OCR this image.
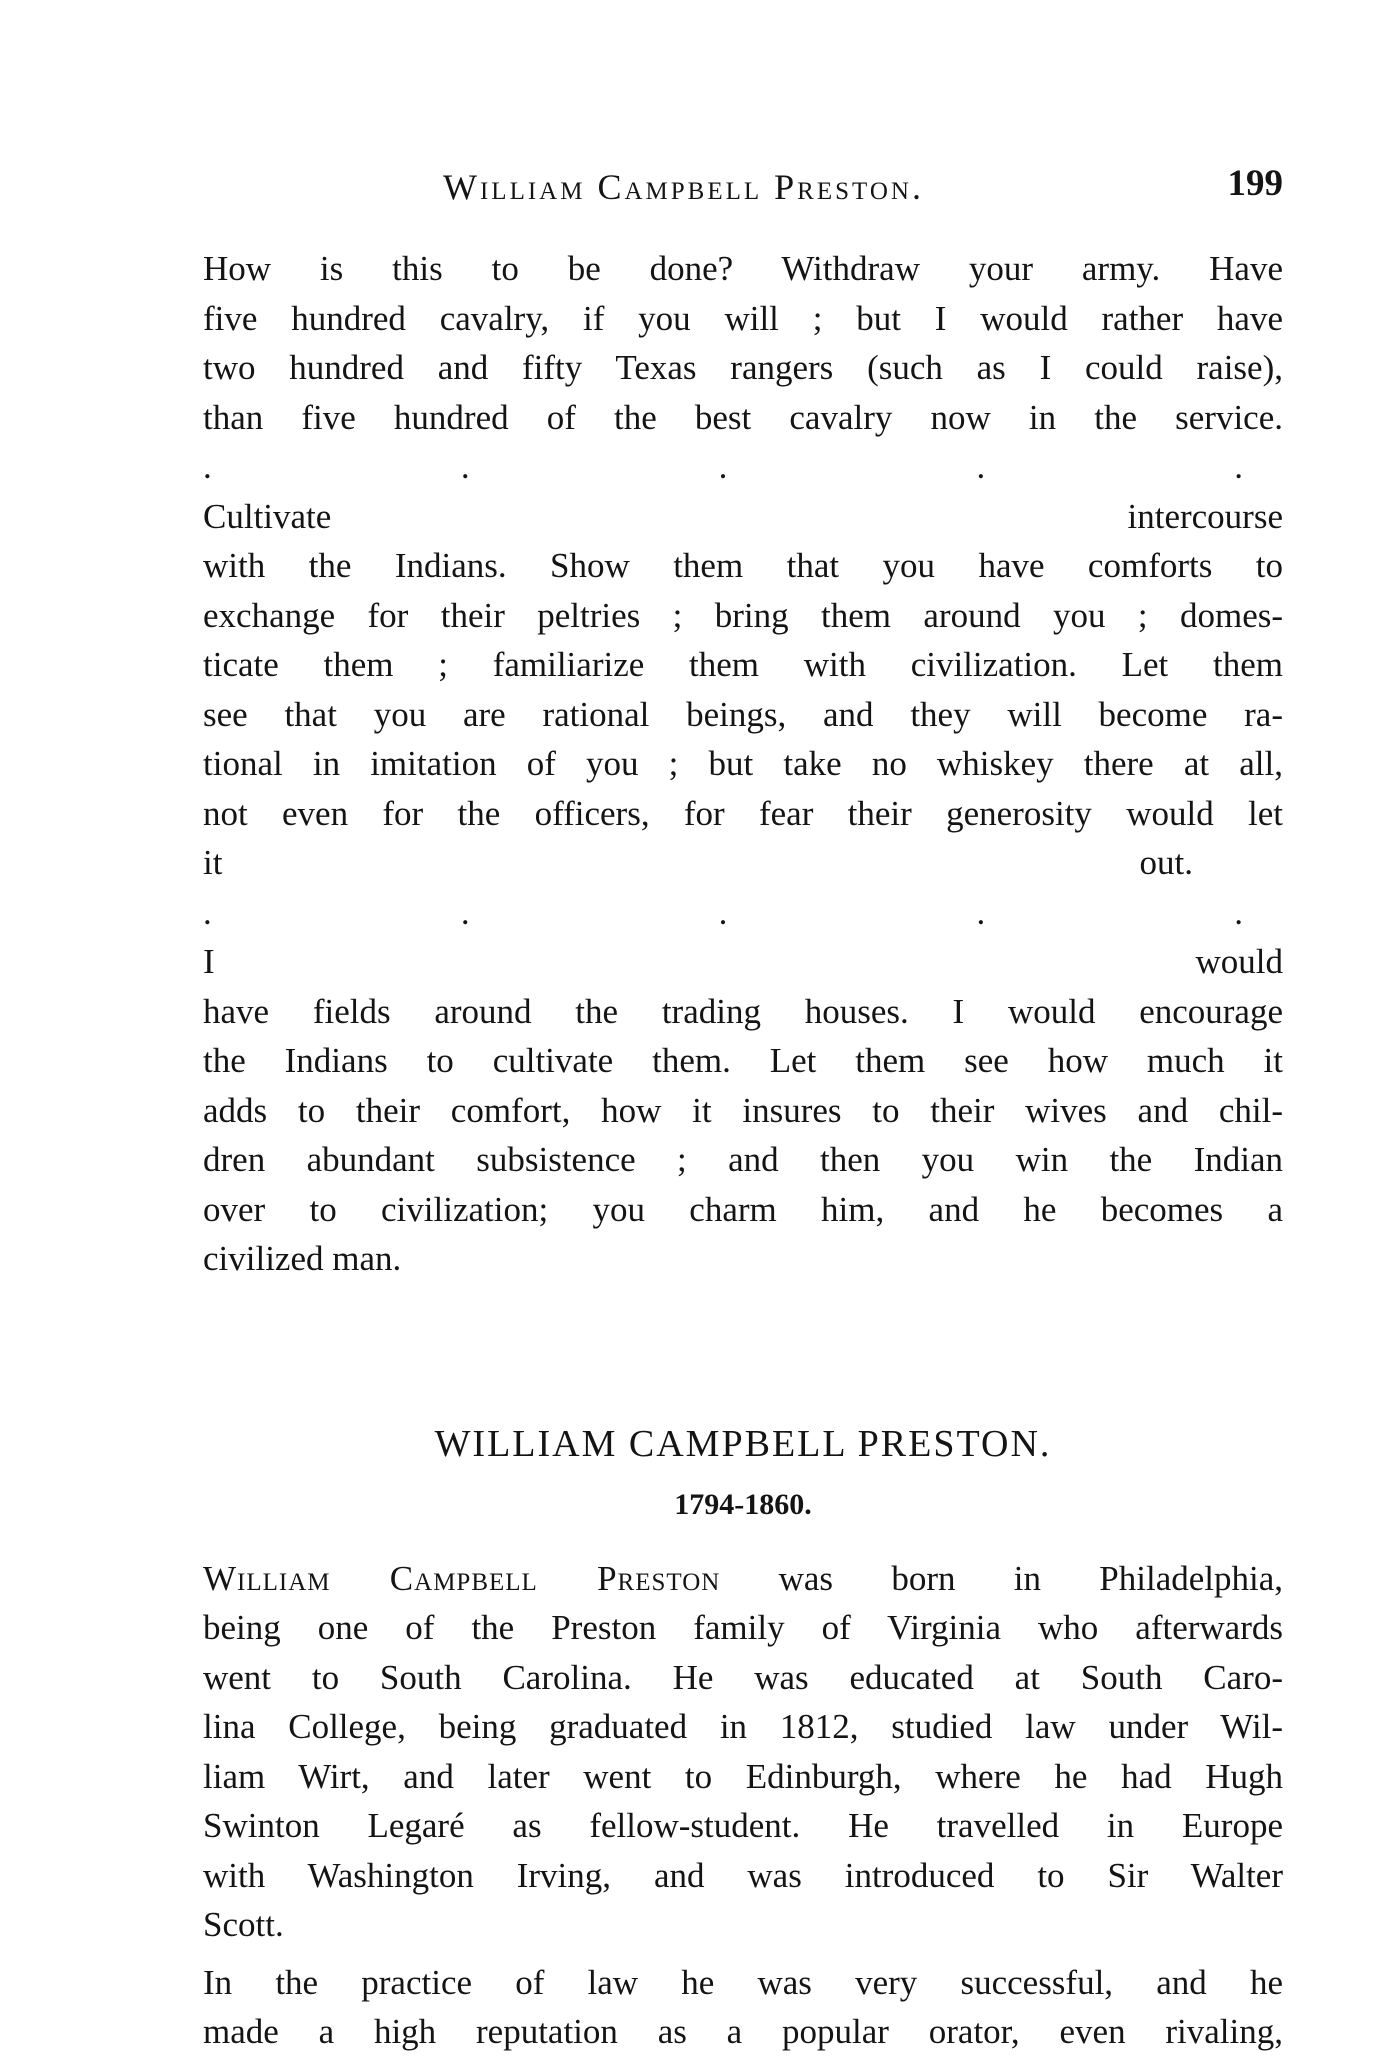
William Campbell Preston.	199
How is this to be done? Withdraw your army. Have
five hundred cavalry, if you will ; but I would rather have
two hundred and fifty Texas rangers (such as I could raise),
than five hundred of the best cavalry now in the service.
.	.	.	.	.
Cultivate intercourse
with the Indians. Show them that you have comforts to
exchange for their peltries ; bring them around you ; domes-
ticate them ; familiarize them with civilization. Let them
see that you are rational beings, and they will become ra-
tional in imitation of you ; but take no whiskey there at all,
not even for the officers, for fear their generosity would let
it out.
.	.	.	.	.
I would
have fields around the trading houses. I would encourage
the Indians to cultivate them. Let them see how much it
adds to their comfort, how it insures to their wives and chil-
dren abundant subsistence ; and then you win the Indian
over to civilization; you charm him, and he becomes a
civilized man.
WILLIAM CAMPBELL PRESTON.
1794-1860.
William Campbell Preston was born in Philadelphia,
being one of the Preston family of Virginia who afterwards
went to South Carolina. He was educated at South Caro-
lina College, being graduated in 1812, studied law under Wil-
liam Wirt, and later went to Edinburgh, where he had Hugh
Swinton Legaré as fellow-student. He travelled in Europe
with Washington Irving, and was introduced to Sir Walter
Scott.
In the practice of law he was very successful, and he
made a high reputation as a popular orator, even rivaling,
